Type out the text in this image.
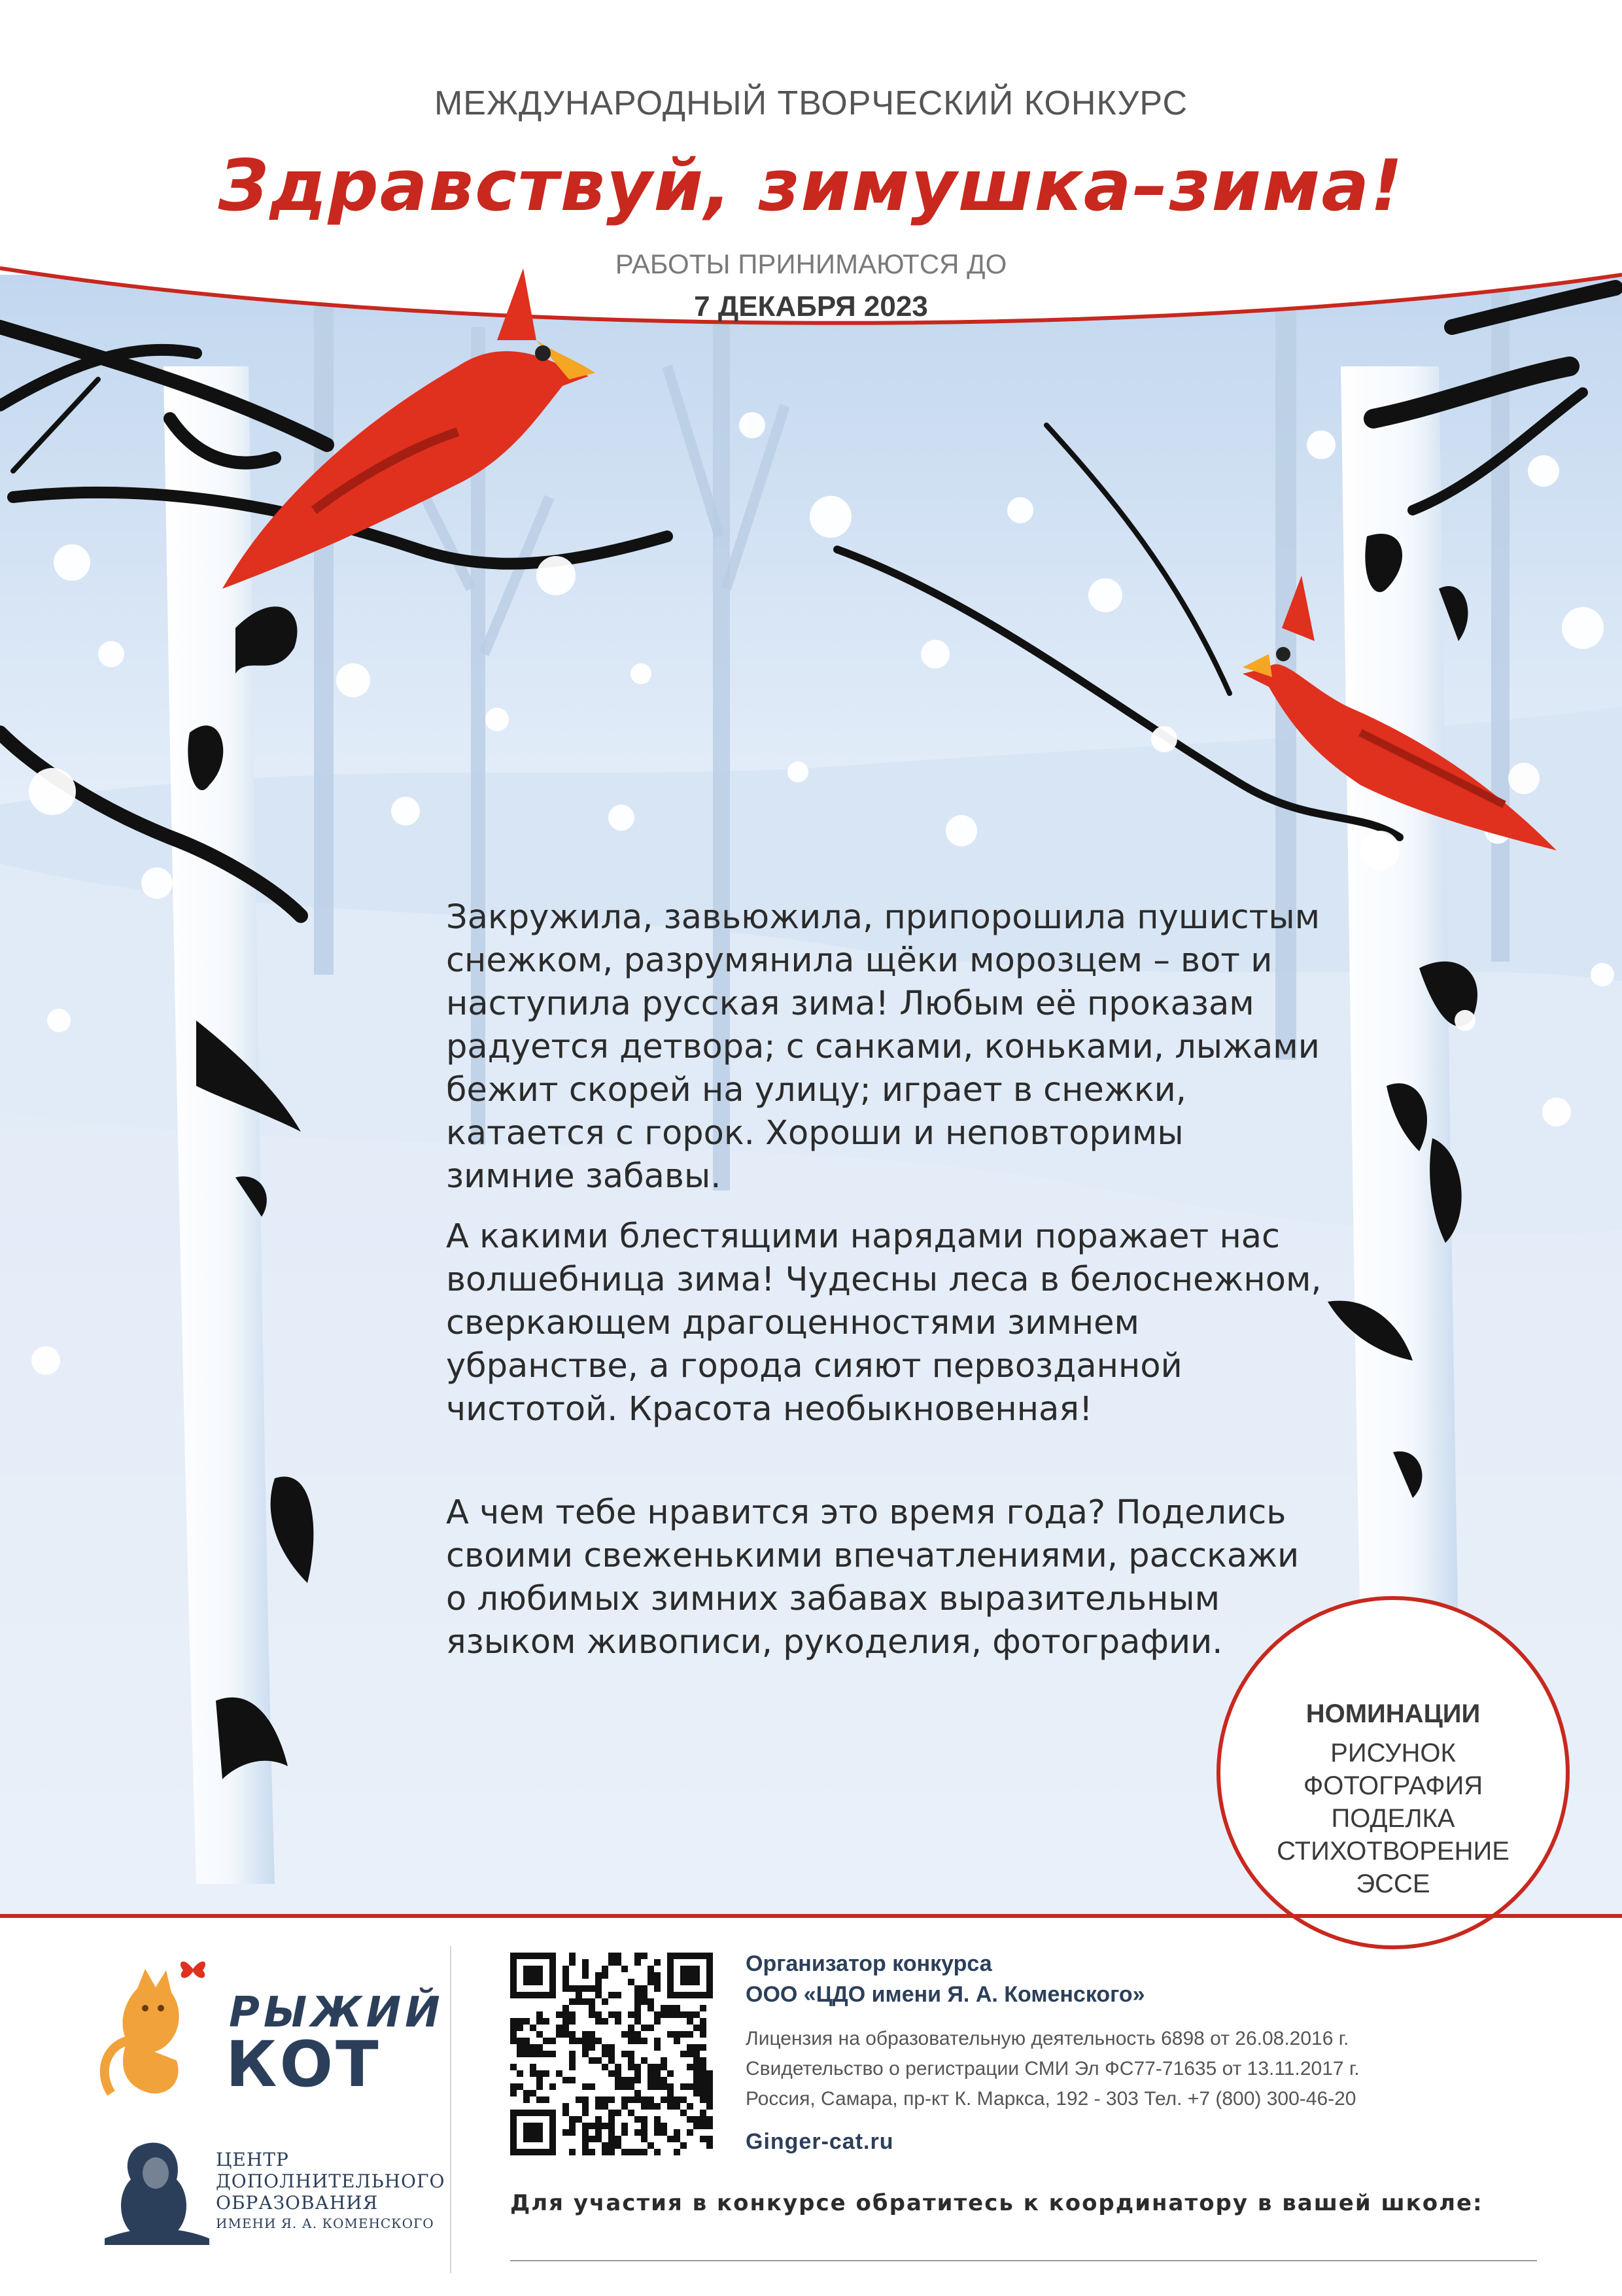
МЕЖДУНАРОДНЫЙ ТВОРЧЕСКИЙ КОНКУРС
Здравствуй, зимушка–зима!
РАБОТЫ ПРИНИМАЮТСЯ ДО
7 ДЕКАБРЯ 2023
Закружила, завьюжила, припорошила пушистым снежком, разрумянила щёки морозцем – вот и наступила русская зима! Любым её проказам радуется детвора; с санками, коньками, лыжами бежит скорей на улицу; играет в снежки, катается с горок. Хороши и неповторимы зимние забавы.
А какими блестящими нарядами поражает нас волшебница зима! Чудесны леса в белоснежном, сверкающем драгоценностями зимнем убранстве, а города сияют первозданной чистотой. Красота необыкновенная!
А чем тебе нравится это время года? Поделись своими свеженькими впечатлениями, расскажи о любимых зимних забавах выразительным языком живописи, рукоделия, фотографии.
НОМИНАЦИИ
РИСУНОК
ФОТОГРАФИЯ
ПОДЕЛКА
СТИХОТВОРЕНИЕ
ЭССЕ
РЫЖИЙ
КОТ
ЦЕНТР
ДОПОЛНИТЕЛЬНОГО
ОБРАЗОВАНИЯ
ИМЕНИ Я. А. КОМЕНСКОГО
Организатор конкурса
ООО «ЦДО имени Я. А. Коменского»
Лицензия на образовательную деятельность 6898 от 26.08.2016 г.
Свидетельство о регистрации СМИ Эл ФС77-71635 от 13.11.2017 г.
Россия, Самара, пр-кт К. Маркса, 192 - 303 Тел. +7 (800) 300-46-20
Ginger-cat.ru
Для участия в конкурсе обратитесь к координатору в вашей школе:
